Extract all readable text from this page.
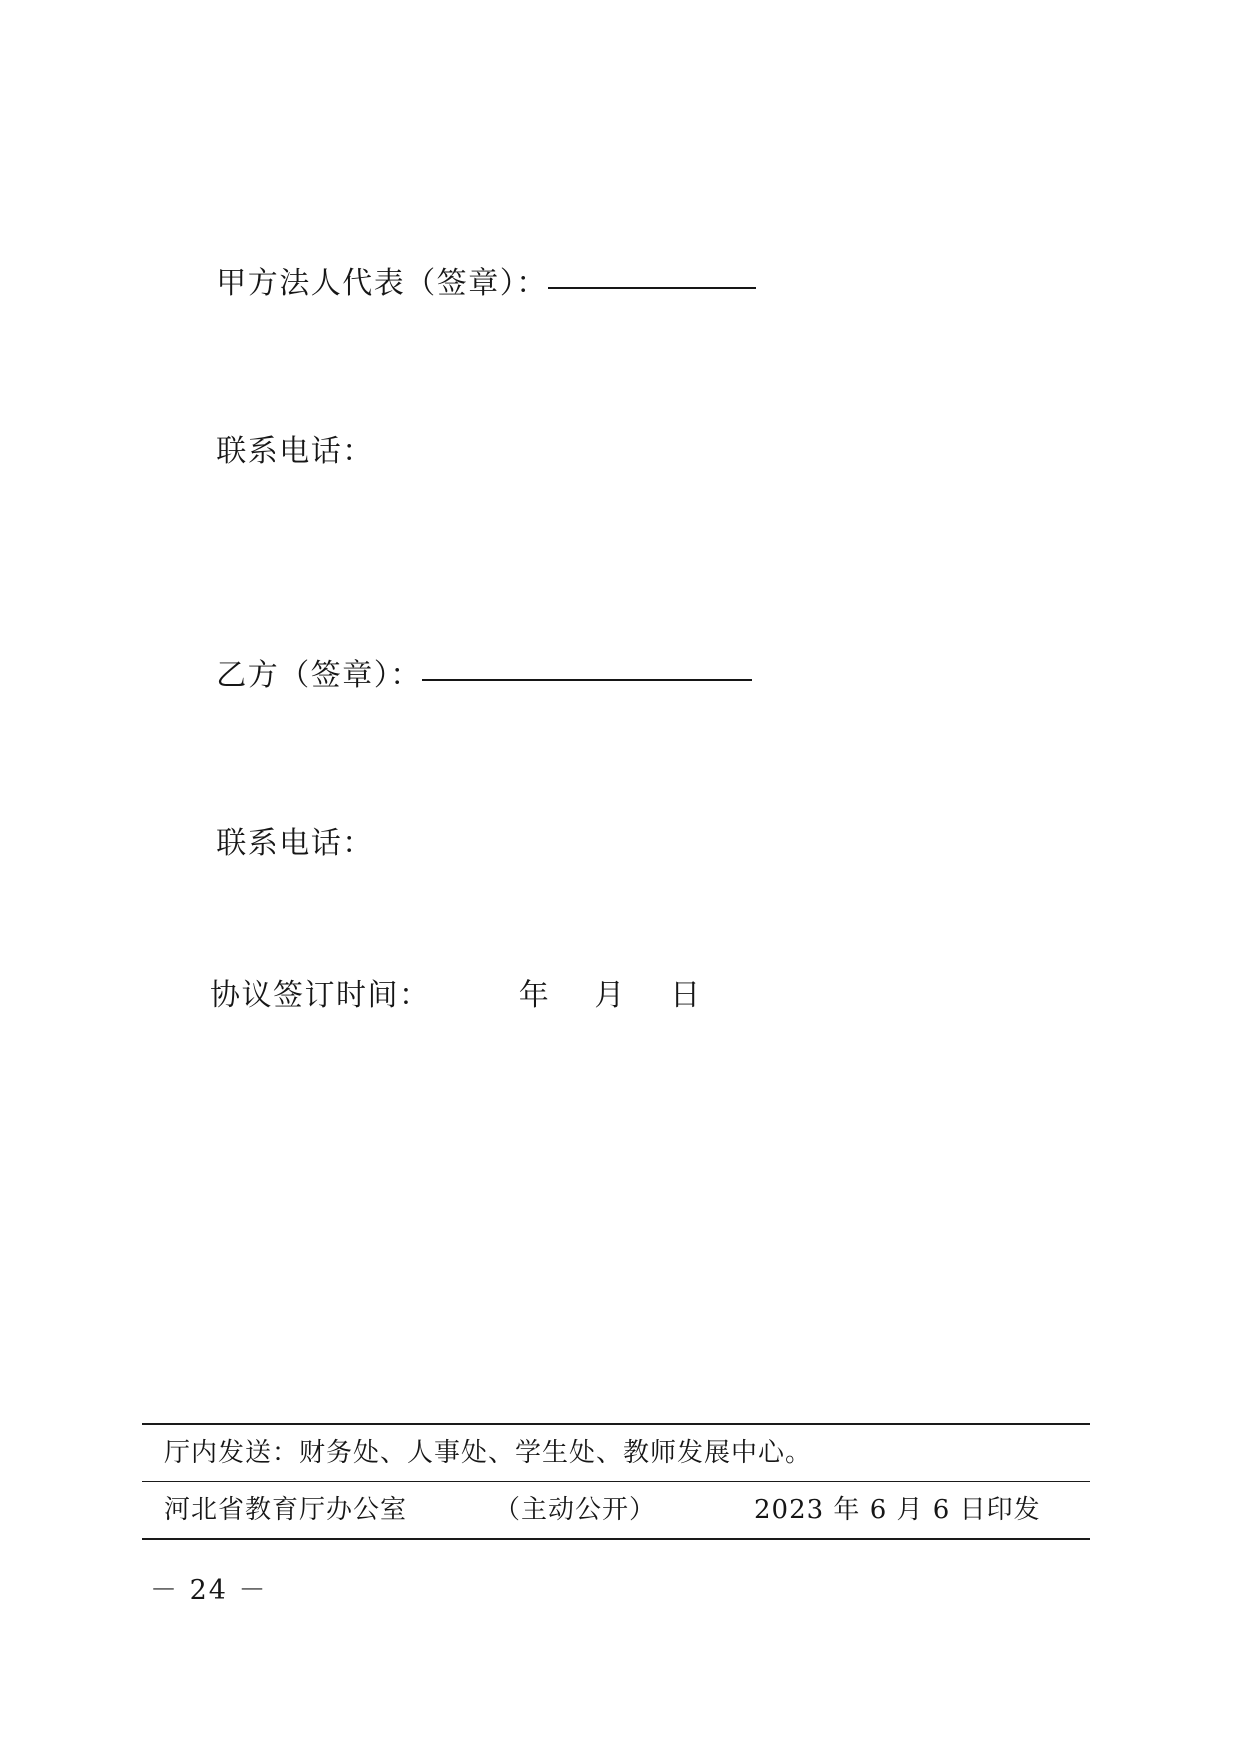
甲方法人代表（签章）：

联系电话：

乙方（签章）：

联系电话：

协议签订时间：        年    月    日
厅内发送：财务处、人事处、学生处、教师发展中心。
河北省教育厅办公室	（主动公开）	2023 年 6 月 6 日印发
－ 24 －
